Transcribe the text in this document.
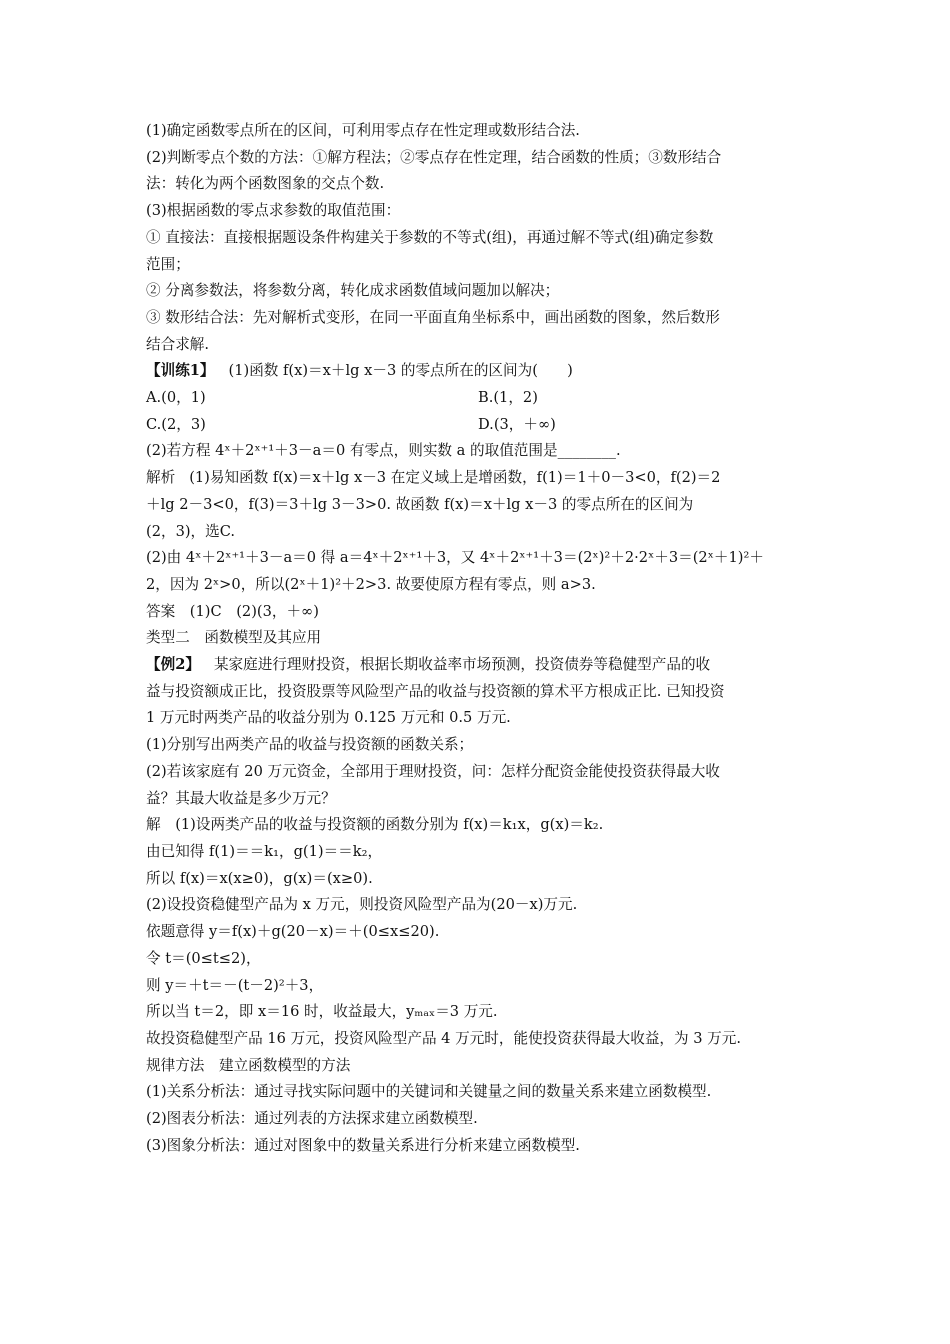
(1)确定函数零点所在的区间，可利用零点存在性定理或数形结合法.
(2)判断零点个数的方法：①解方程法；②零点存在性定理，结合函数的性质；③数形结合
法：转化为两个函数图象的交点个数.
(3)根据函数的零点求参数的取值范围：
① 直接法：直接根据题设条件构建关于参数的不等式(组)，再通过解不等式(组)确定参数
范围；
② 分离参数法，将参数分离，转化成求函数值域问题加以解决；
③ 数形结合法：先对解析式变形，在同一平面直角坐标系中，画出函数的图象，然后数形
结合求解.
【训练1】 (1)函数 f(x)＝x＋lg x－3 的零点所在的区间为(　　)
A.(0，1)	B.(1，2)
C.(2，3)	D.(3，＋∞)
(2)若方程 4ˣ＋2ˣ⁺¹＋3－a＝0 有零点，则实数 a 的取值范围是________.
解析 (1)易知函数 f(x)＝x＋lg x－3 在定义域上是增函数，f(1)＝1＋0－3<0，f(2)＝2
＋lg 2－3<0，f(3)＝3＋lg 3－3>0. 故函数 f(x)＝x＋lg x－3 的零点所在的区间为
(2，3)，选C.
(2)由 4ˣ＋2ˣ⁺¹＋3－a＝0 得 a＝4ˣ＋2ˣ⁺¹＋3，又 4ˣ＋2ˣ⁺¹＋3＝(2ˣ)²＋2·2ˣ＋3＝(2ˣ＋1)²＋
2，因为 2ˣ>0，所以(2ˣ＋1)²＋2>3. 故要使原方程有零点，则 a>3.
答案　(1)C　(2)(3，＋∞)
类型二　函数模型及其应用
【例2】 某家庭进行理财投资，根据长期收益率市场预测，投资债券等稳健型产品的收
益与投资额成正比，投资股票等风险型产品的收益与投资额的算术平方根成正比. 已知投资
1 万元时两类产品的收益分别为 0.125 万元和 0.5 万元.
(1)分别写出两类产品的收益与投资额的函数关系；
(2)若该家庭有 20 万元资金，全部用于理财投资，问：怎样分配资金能使投资获得最大收
益？其最大收益是多少万元？
解　(1)设两类产品的收益与投资额的函数分别为 f(x)＝k₁x，g(x)＝k₂.
由已知得 f(1)＝＝k₁，g(1)＝＝k₂，
所以 f(x)＝x(x≥0)，g(x)＝(x≥0).
(2)设投资稳健型产品为 x 万元，则投资风险型产品为(20－x)万元.
依题意得 y＝f(x)＋g(20－x)＝＋(0≤x≤20).
令 t＝(0≤t≤2)，
则 y＝＋t＝－(t－2)²＋3，
所以当 t＝2，即 x＝16 时，收益最大，yₘₐₓ＝3 万元.
故投资稳健型产品 16 万元，投资风险型产品 4 万元时，能使投资获得最大收益，为 3 万元.
规律方法　建立函数模型的方法
(1)关系分析法：通过寻找实际问题中的关键词和关键量之间的数量关系来建立函数模型.
(2)图表分析法：通过列表的方法探求建立函数模型.
(3)图象分析法：通过对图象中的数量关系进行分析来建立函数模型.
